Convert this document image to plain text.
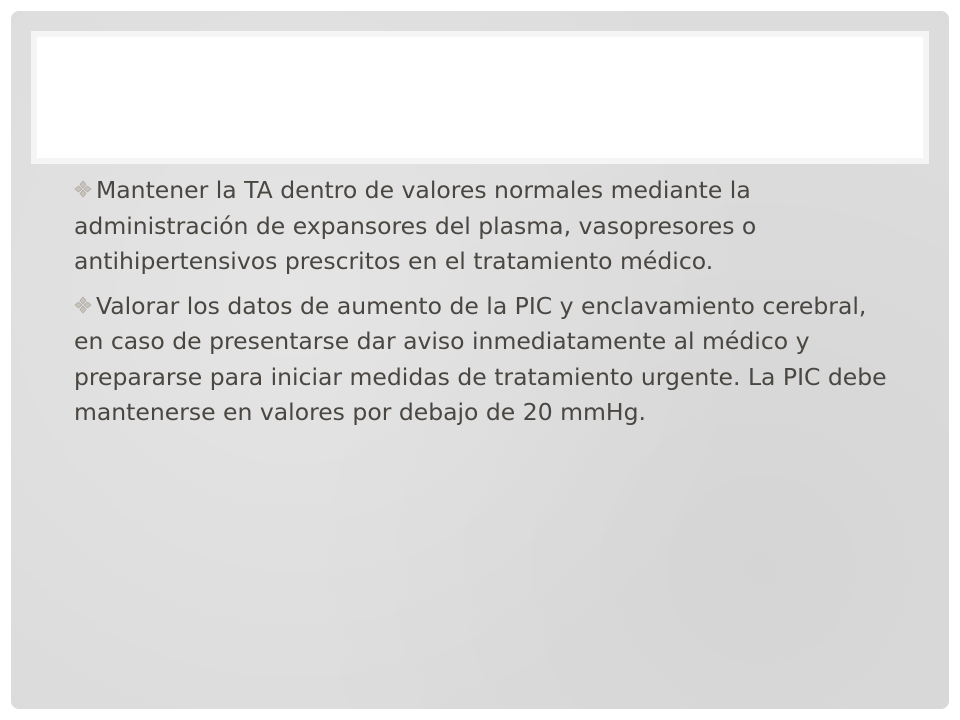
Mantener la TA dentro de valores normales mediante la administración de expansores del plasma, vasopresores o antihipertensivos prescritos en el tratamiento médico.

Valorar los datos de aumento de la PIC y enclavamiento cerebral, en caso de presentarse dar aviso inmediatamente al médico y prepararse para iniciar medidas de tratamiento urgente. La PIC debe mantenerse en valores por debajo de 20 mmHg.
